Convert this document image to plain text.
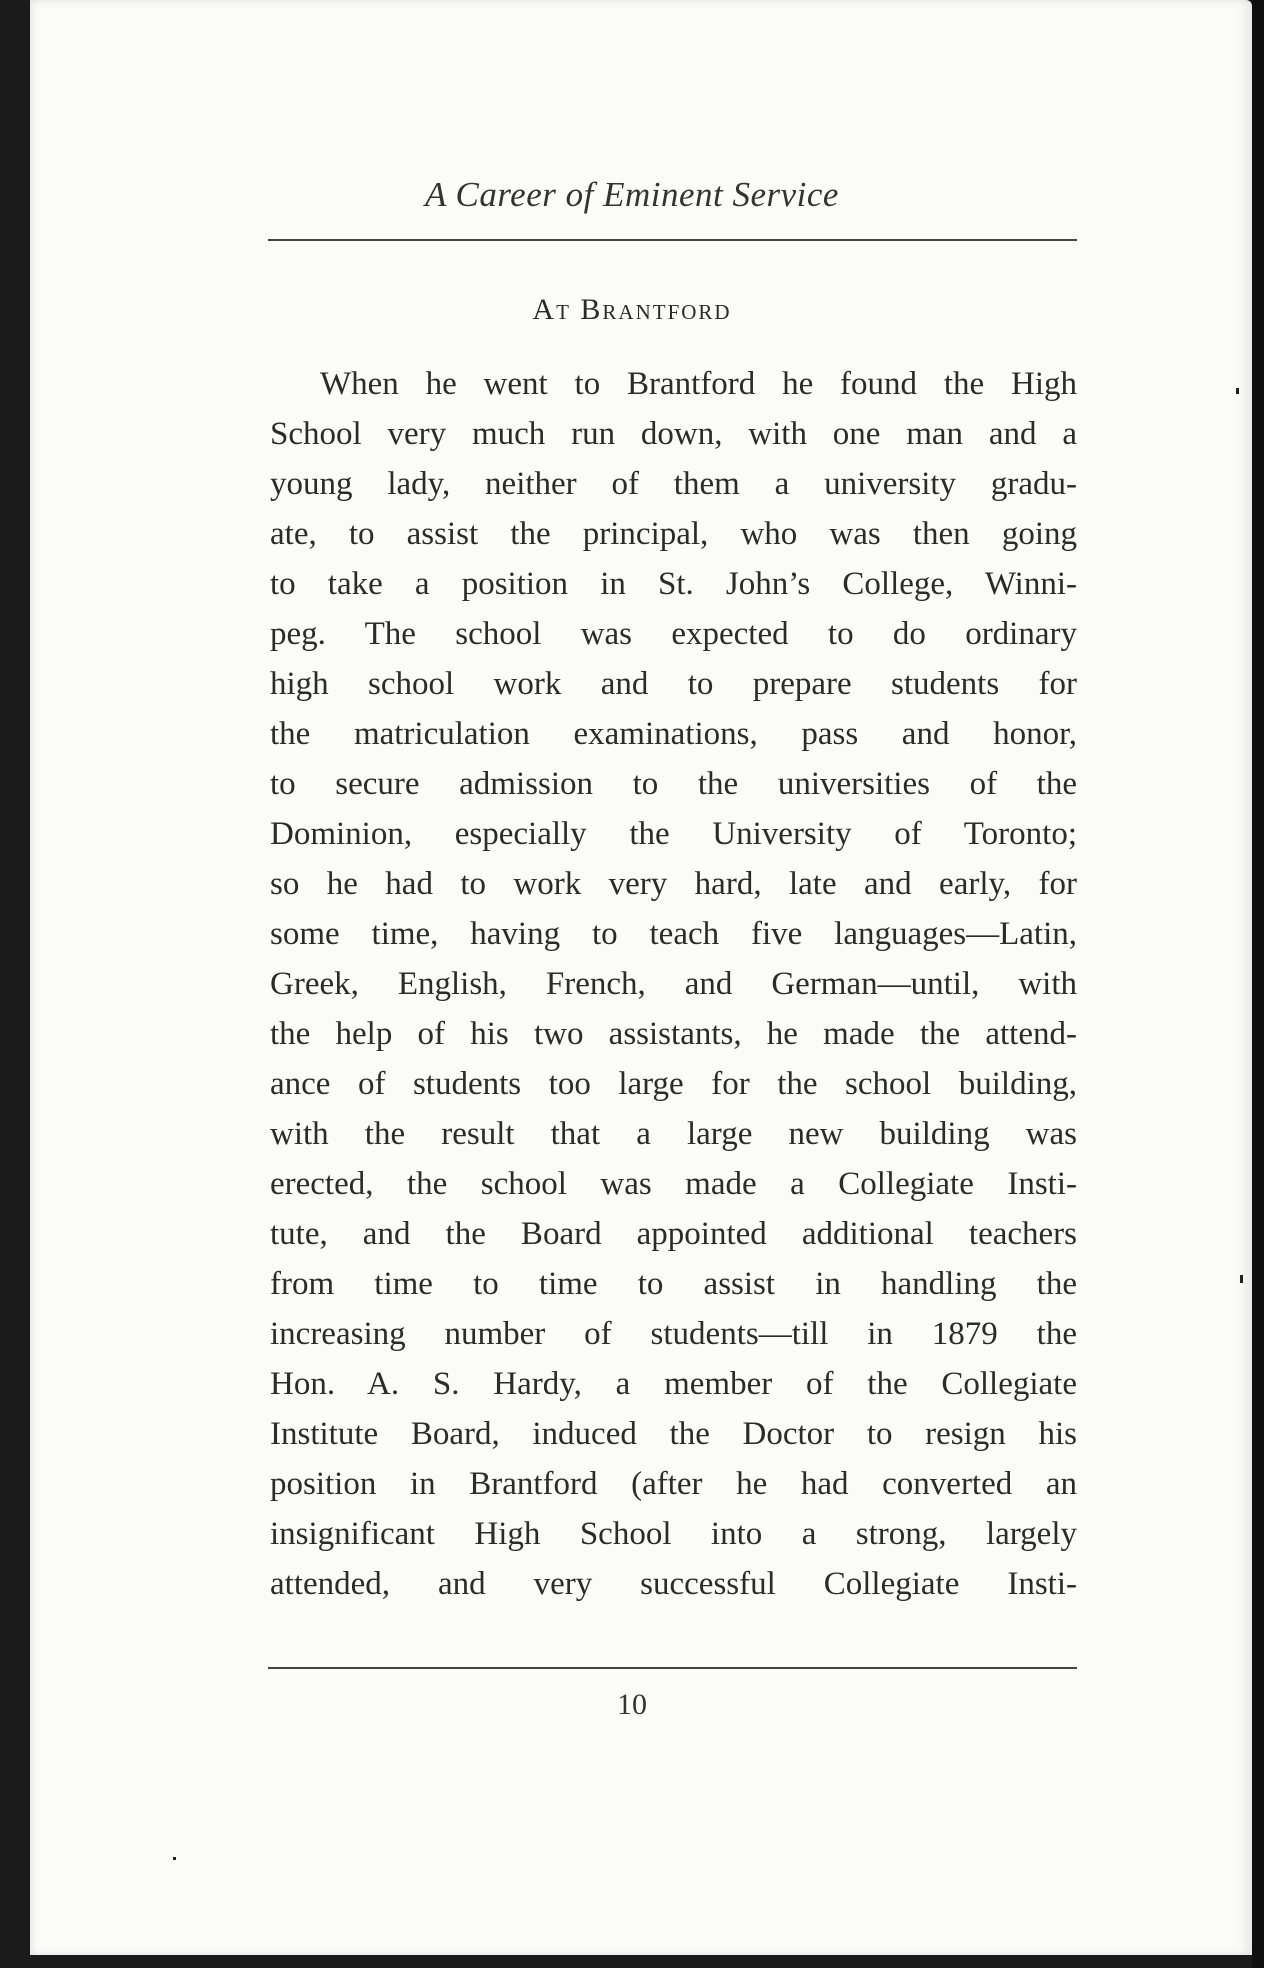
A Career of Eminent Service
At Brantford
When he went to Brantford he found the High
School very much run down, with one man and a
young lady, neither of them a university gradu-
ate, to assist the principal, who was then going
to take a position in St. John’s College, Winni-
peg. The school was expected to do ordinary
high school work and to prepare students for
the matriculation examinations, pass and honor,
to secure admission to the universities of the
Dominion, especially the University of Toronto;
so he had to work very hard, late and early, for
some time, having to teach five languages—Latin,
Greek, English, French, and German—until, with
the help of his two assistants, he made the attend-
ance of students too large for the school building,
with the result that a large new building was
erected, the school was made a Collegiate Insti-
tute, and the Board appointed additional teachers
from time to time to assist in handling the
increasing number of students—till in 1879 the
Hon. A. S. Hardy, a member of the Collegiate
Institute Board, induced the Doctor to resign his
position in Brantford (after he had converted an
insignificant High School into a strong, largely
attended, and very successful Collegiate Insti-
10
